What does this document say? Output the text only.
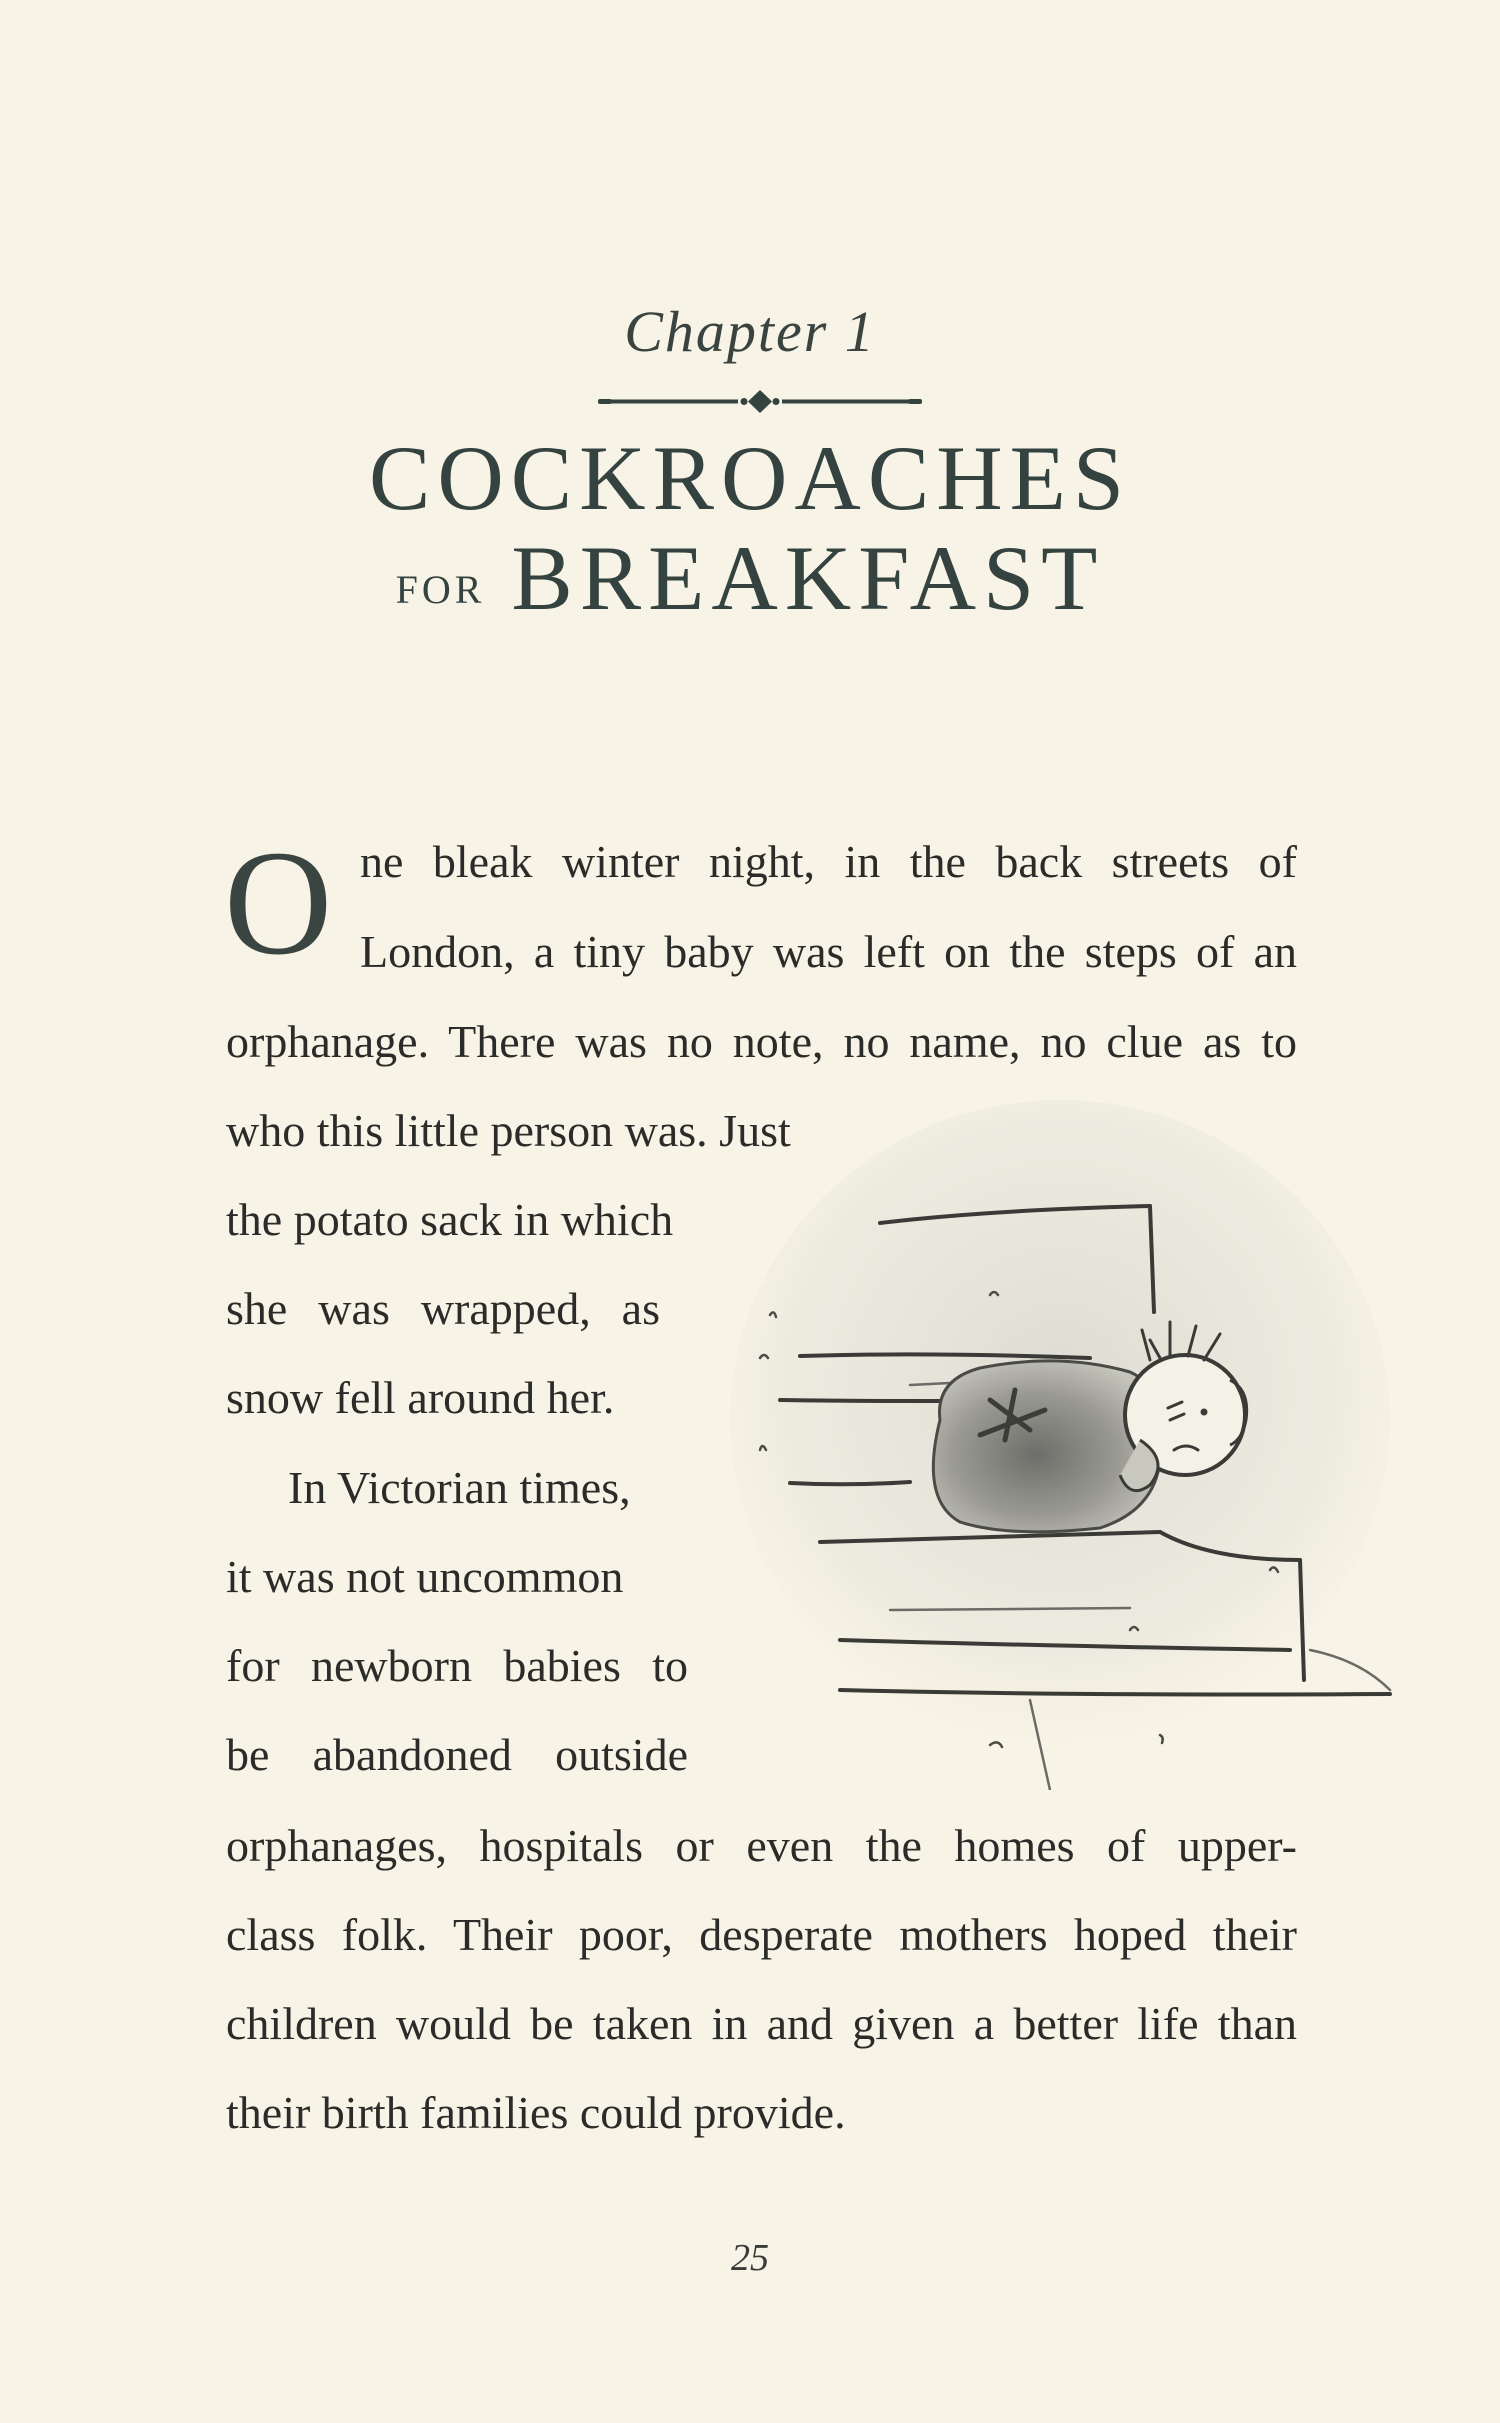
Chapter 1
COCKROACHES
FOR BREAKFAST
O ne bleak winter night, in the back streets of
London, a tiny baby was left on the steps of an
orphanage. There was no note, no name, no clue as to
who this little person was. Just
the potato sack in which
she was wrapped, as
snow fell around her.
In Victorian times,
it was not uncommon
for newborn babies to
be abandoned outside
orphanages, hospitals or even the homes of upper-
class folk. Their poor, desperate mothers hoped their
children would be taken in and given a better life than
their birth families could provide.
25
